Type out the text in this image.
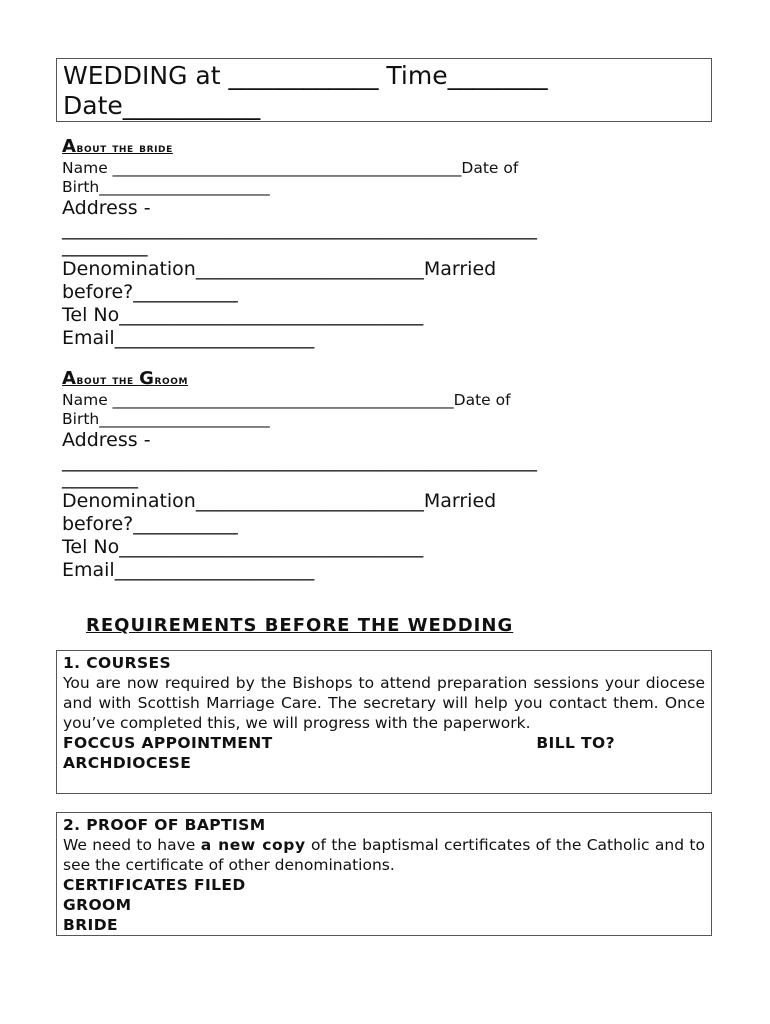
WEDDING at ____________ Time________
Date___________
About the bride
Name _____________________________________________Date of
Birth______________________
Address -
__________________________________________________
_________
Denomination________________________Married
before?___________
Tel No________________________________
Email_____________________
About the Groom
Name ____________________________________________Date of
Birth______________________
Address -
__________________________________________________
________
Denomination________________________Married
before?___________
Tel No________________________________
Email_____________________
REQUIREMENTS BEFORE THE WEDDING
1. COURSES
You are now required by the Bishops to attend preparation sessions your diocese and with Scottish Marriage Care. The secretary will help you contact them. Once you’ve completed this, we will progress with the paperwork.
FOCCUS APPOINTMENT	BILL TO?
ARCHDIOCESE
2. PROOF OF BAPTISM
We need to have a new copy of the baptismal certificates of the Catholic and to see the certificate of other denominations.
CERTIFICATES FILED
GROOM
BRIDE
